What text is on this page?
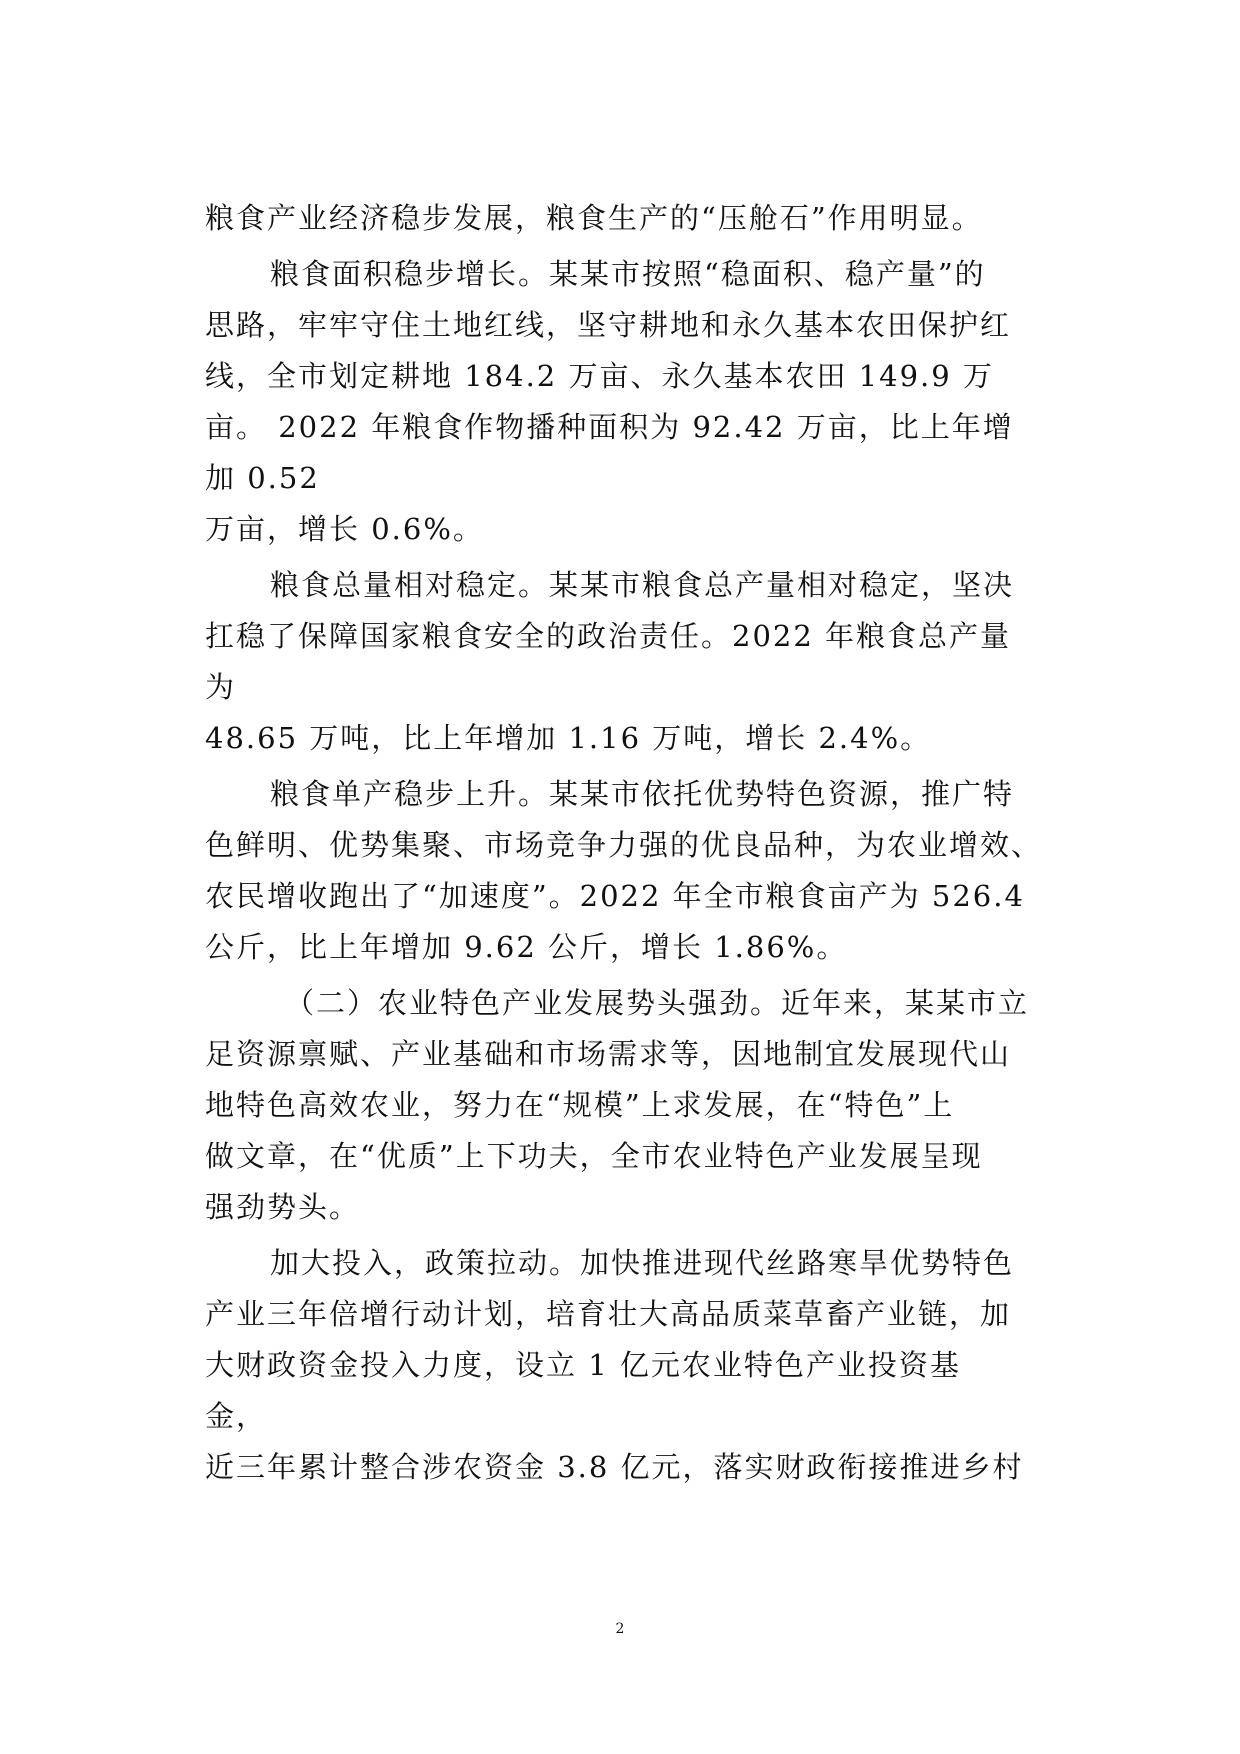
粮食产业经济稳步发展，粮食生产的“压舱石”作用明显。
粮食面积稳步增长。某某市按照“稳面积、稳产量”的
思路，牢牢守住土地红线，坚守耕地和永久基本农田保护红
线，全市划定耕地 184.2 万亩、永久基本农田 149.9 万
亩。 2022 年粮食作物播种面积为 92.42 万亩，比上年增
加 0.52
万亩，增长 0.6%。
粮食总量相对稳定。某某市粮食总产量相对稳定，坚决
扛稳了保障国家粮食安全的政治责任。2022 年粮食总产量
为
48.65 万吨，比上年增加 1.16 万吨，增长 2.4%。
粮食单产稳步上升。某某市依托优势特色资源，推广特
色鲜明、优势集聚、市场竞争力强的优良品种，为农业增效、
农民增收跑出了“加速度”。2022 年全市粮食亩产为 526.4
公斤，比上年增加 9.62 公斤，增长 1.86%。
（二）农业特色产业发展势头强劲。近年来，某某市立
足资源禀赋、产业基础和市场需求等，因地制宜发展现代山
地特色高效农业，努力在“规模”上求发展，在“特色”上
做文章，在“优质”上下功夫，全市农业特色产业发展呈现
强劲势头。
加大投入，政策拉动。加快推进现代丝路寒旱优势特色
产业三年倍增行动计划，培育壮大高品质菜草畜产业链，加
大财政资金投入力度，设立 1 亿元农业特色产业投资基
金，
近三年累计整合涉农资金 3.8 亿元，落实财政衔接推进乡村
2
